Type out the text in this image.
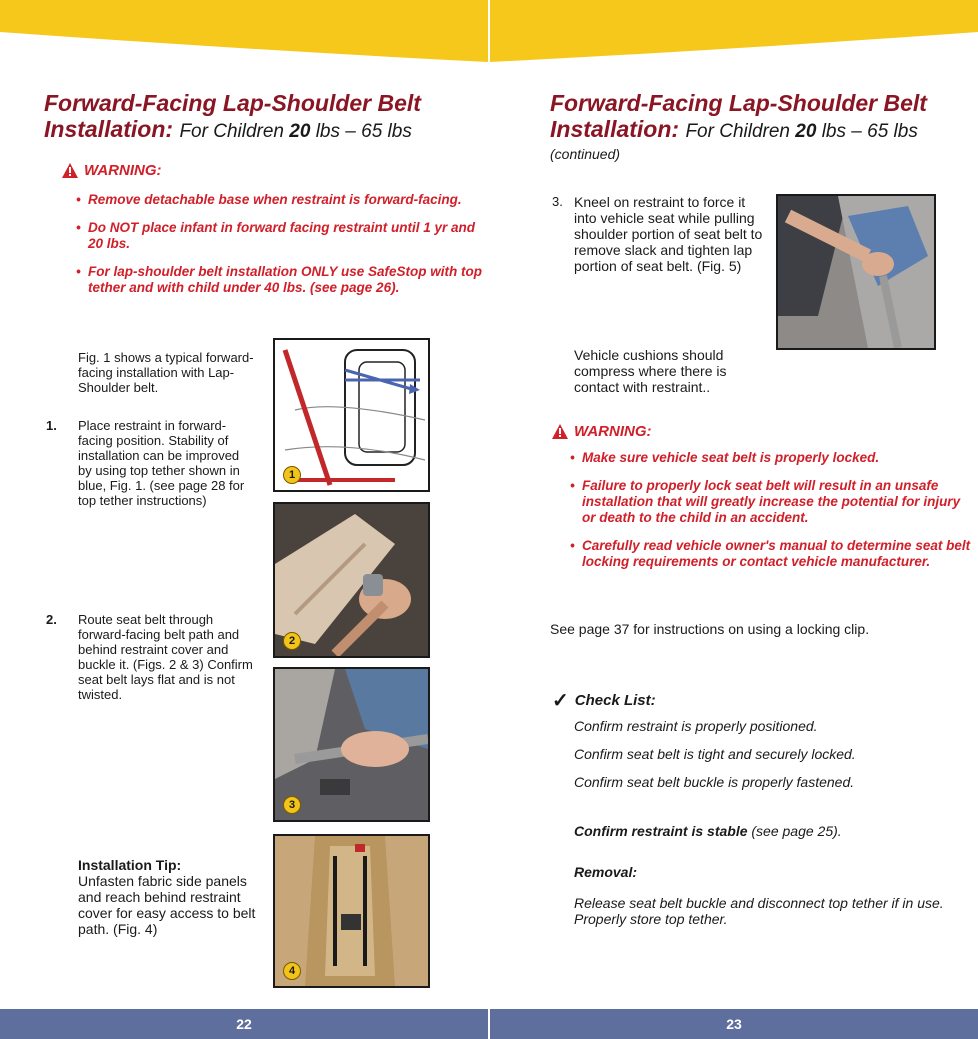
Forward-Facing Lap-Shoulder Belt
Installation: For Children 20 lbs – 65 lbs
WARNING:
• Remove detachable base when restraint is forward-facing.
• Do NOT place infant in forward facing restraint until 1 yr and 20 lbs.
• For lap-shoulder belt installation ONLY use SafeStop with top tether and with child under 40 lbs. (see page 26).
Fig. 1 shows a typical forward-facing installation with Lap-Shoulder belt.
1. Place restraint in forward-facing position. Stability of installation can be improved by using top tether shown in blue, Fig. 1. (see page 28 for top tether instructions)
2. Route seat belt through forward-facing belt path and behind restraint cover and buckle it. (Figs. 2 & 3) Confirm seat belt lays flat and is not twisted.
Installation Tip:
Unfasten fabric side panels and reach behind restraint cover for easy access to belt path. (Fig. 4)
1
2
3
4
Forward-Facing Lap-Shoulder Belt
Installation: For Children 20 lbs – 65 lbs
(continued)
3. Kneel on restraint to force it into vehicle seat while pulling shoulder portion of seat belt to remove slack and tighten lap portion of seat belt. (Fig. 5)
Vehicle cushions should compress where there is contact with restraint..
WARNING:
• Make sure vehicle seat belt is properly locked.
• Failure to properly lock seat belt will result in an unsafe installation that will greatly increase the potential for injury or death to the child in an accident.
• Carefully read vehicle owner's manual to determine seat belt locking requirements or contact vehicle manufacturer.
See page 37 for instructions on using a locking clip.
✓ Check List:
Confirm restraint is properly positioned.
Confirm seat belt is tight and securely locked.
Confirm seat belt buckle is properly fastened.
Confirm restraint is stable (see page 25).
Removal:
Release seat belt buckle and disconnect top tether if in use. Properly store top tether.
22	23
